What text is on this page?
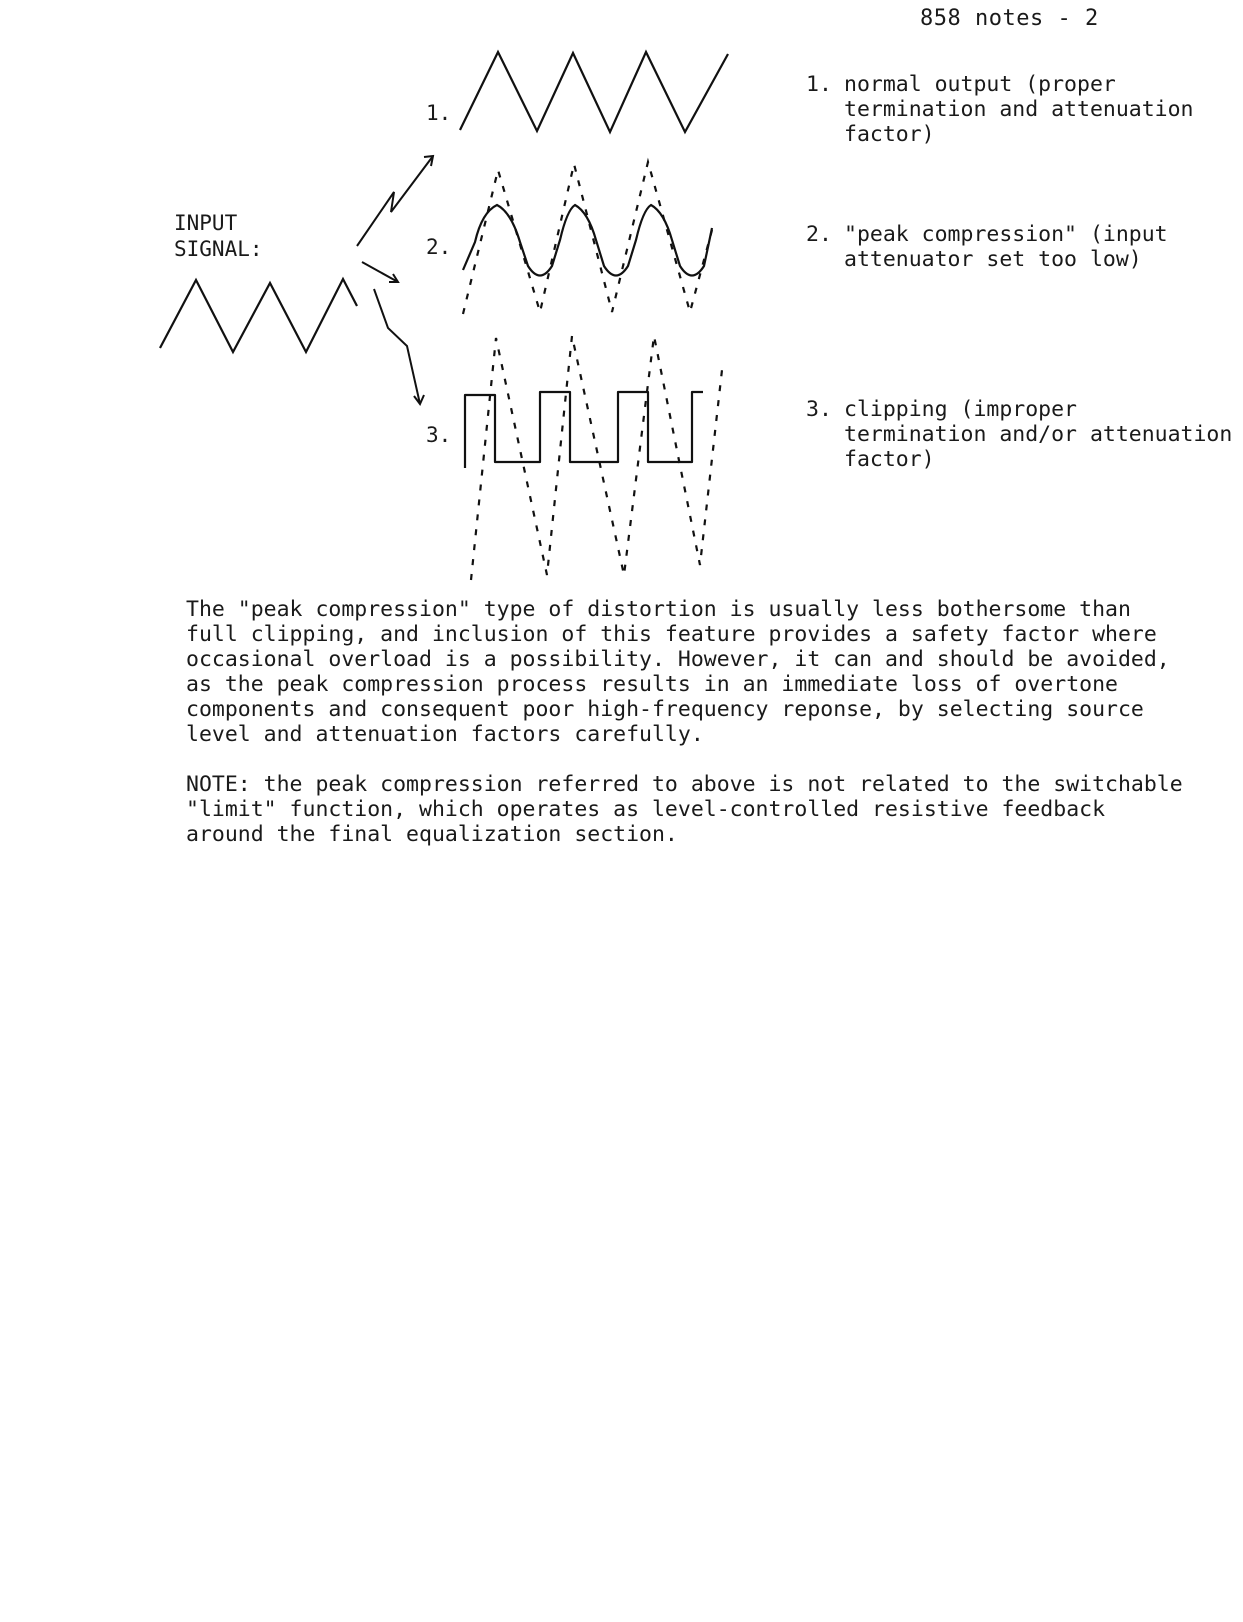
858 notes - 2
INPUT
SIGNAL:
1.
2.
3.
1. normal output (proper
termination and attenuation
factor)
2. "peak compression" (input
attenuator set too low)
3. clipping (improper
termination and/or attenuation
factor)

The "peak compression" type of distortion is usually less bothersome than
full clipping, and inclusion of this feature provides a safety factor where
occasional overload is a possibility. However, it can and should be avoided,
as the peak compression process results in an immediate loss of overtone
components and consequent poor high-frequency reponse, by selecting source
level and attenuation factors carefully.

NOTE: the peak compression referred to above is not related to the switchable
"limit" function, which operates as level-controlled resistive feedback
around the final equalization section.
